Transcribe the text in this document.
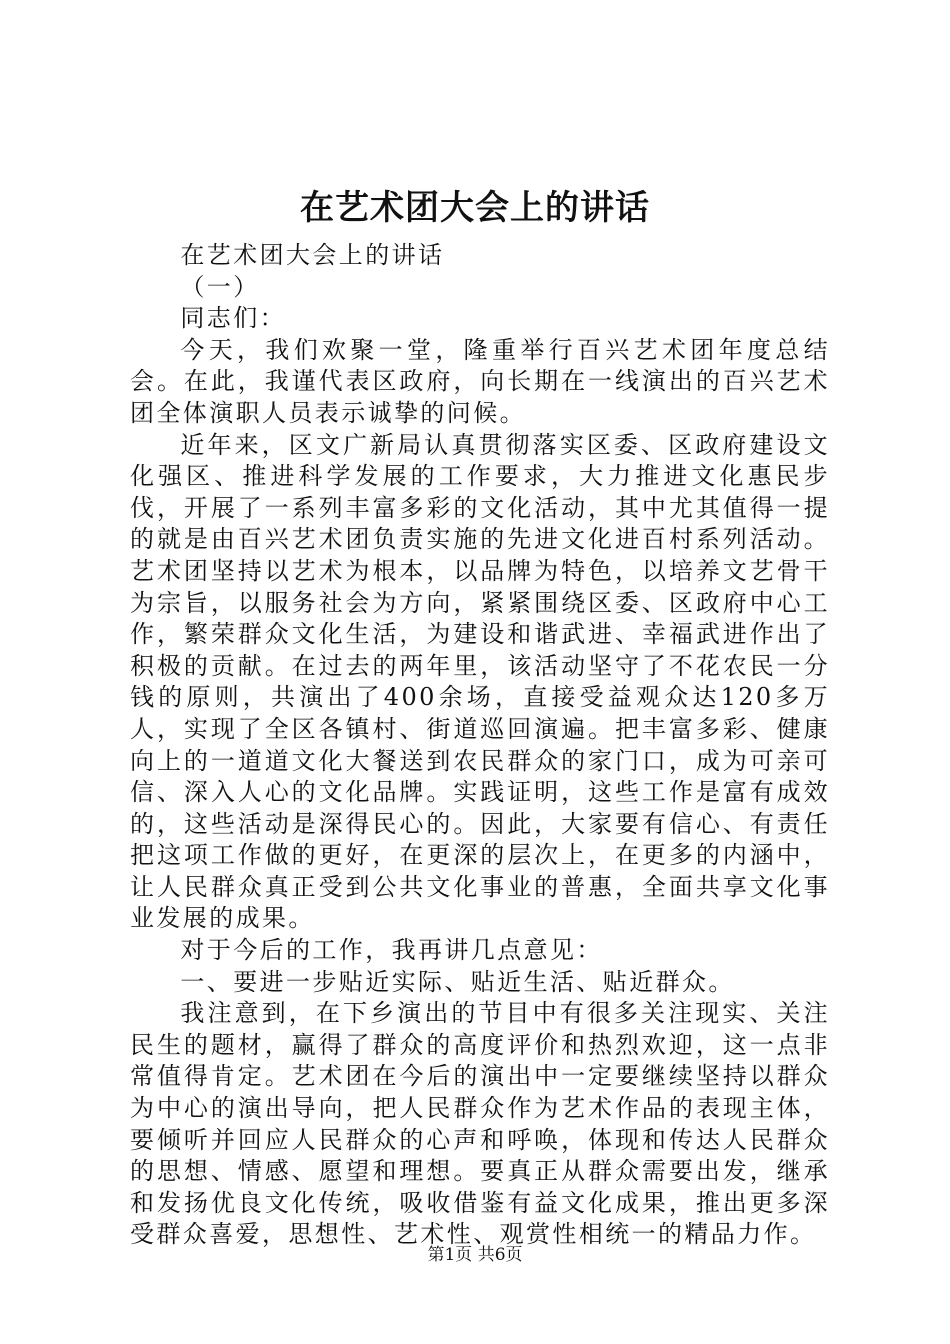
在艺术团大会上的讲话

在艺术团大会上的讲话

（一）

同志们：

今天，我们欢聚一堂，隆重举行百兴艺术团年度总结会。在此，我谨代表区政府，向长期在一线演出的百兴艺术团全体演职人员表示诚挚的问候。

近年来，区文广新局认真贯彻落实区委、区政府建设文化强区、推进科学发展的工作要求，大力推进文化惠民步伐，开展了一系列丰富多彩的文化活动，其中尤其值得一提的就是由百兴艺术团负责实施的先进文化进百村系列活动。艺术团坚持以艺术为根本，以品牌为特色，以培养文艺骨干为宗旨，以服务社会为方向，紧紧围绕区委、区政府中心工作，繁荣群众文化生活，为建设和谐武进、幸福武进作出了积极的贡献。在过去的两年里，该活动坚守了不花农民一分钱的原则，共演出了400余场，直接受益观众达120多万人，实现了全区各镇村、街道巡回演遍。把丰富多彩、健康向上的一道道文化大餐送到农民群众的家门口，成为可亲可信、深入人心的文化品牌。实践证明，这些工作是富有成效的，这些活动是深得民心的。因此，大家要有信心、有责任把这项工作做的更好，在更深的层次上，在更多的内涵中，让人民群众真正受到公共文化事业的普惠，全面共享文化事业发展的成果。

对于今后的工作，我再讲几点意见：

一、要进一步贴近实际、贴近生活、贴近群众。

我注意到，在下乡演出的节目中有很多关注现实、关注民生的题材，赢得了群众的高度评价和热烈欢迎，这一点非常值得肯定。艺术团在今后的演出中一定要继续坚持以群众为中心的演出导向，把人民群众作为艺术作品的表现主体，要倾听并回应人民群众的心声和呼唤，体现和传达人民群众的思想、情感、愿望和理想。要真正从群众需要出发，继承和发扬优良文化传统，吸收借鉴有益文化成果，推出更多深受群众喜爱，思想性、艺术性、观赏性相统一的精品力作。

第1页 共6页
